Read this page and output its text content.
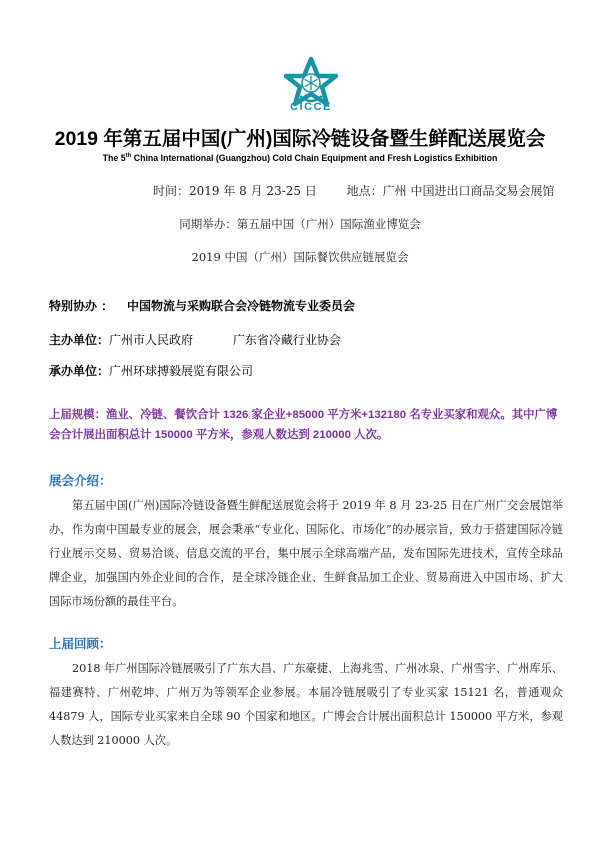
CICCE
2019 年第五届中国(广州)国际冷链设备暨生鲜配送展览会
The 5th China International (Guangzhou) Cold Chain Equipment and Fresh Logistics Exhibition
时间：2019 年 8 月 23-25 日 地点：广州 中国进出口商品交易会展馆
同期举办：第五届中国（广州）国际渔业博览会
2019 中国（广州）国际餐饮供应链展览会
特别协办 ： 中国物流与采购联合会冷链物流专业委员会
主办单位：广州市人民政府	广东省冷藏行业协会
承办单位：广州环球搏毅展览有限公司
上届规模：渔业、冷链、餐饮合计 1326 家企业+85000 平方米+132180 名专业买家和观众。其中广博会合计展出面积总计 150000 平方米，参观人数达到 210000 人次。
展会介绍：
第五届中国(广州)国际冷链设备暨生鲜配送展览会将于 2019 年 8 月 23-25 日在广州广交会展馆举办，作为南中国最专业的展会，展会秉承“专业化、国际化、市场化”的办展宗旨，致力于搭建国际冷链行业展示交易、贸易洽谈、信息交流的平台，集中展示全球高端产品，发布国际先进技术，宣传全球品牌企业，加强国内外企业间的合作，是全球冷链企业、生鲜食品加工企业、贸易商进入中国市场、扩大国际市场份额的最佳平台。
上届回顾：
2018 年广州国际冷链展吸引了广东大昌、广东豪捷、上海兆雪、广州冰泉、广州雪宇、广州库乐、福建赛特、广州乾坤、广州万为等领军企业参展。本届冷链展吸引了专业买家 15121 名，普通观众 44879 人，国际专业买家来自全球 90 个国家和地区。广博会合计展出面积总计 150000 平方米，参观人数达到 210000 人次。
